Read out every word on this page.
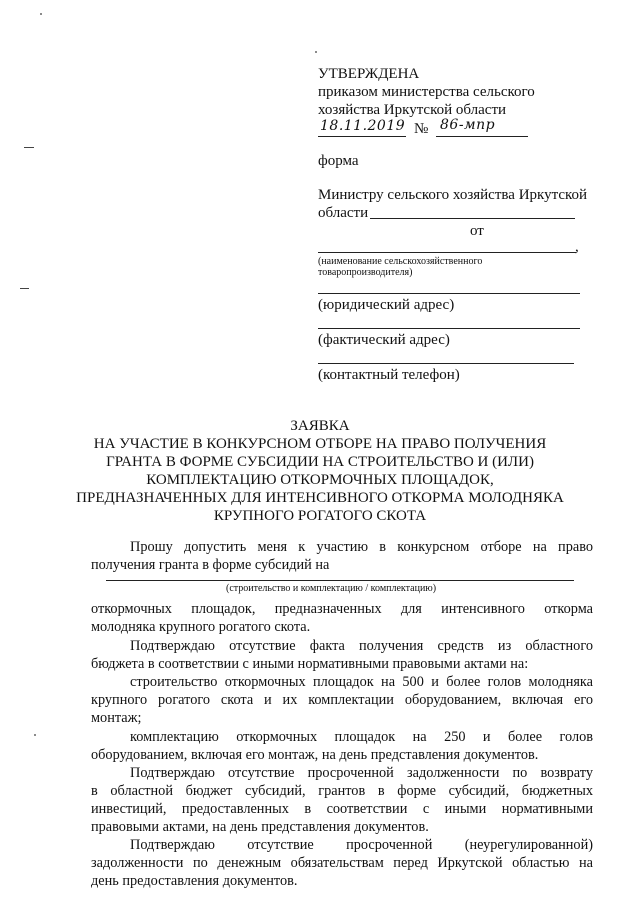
УТВЕРЖДЕНА
приказом министерства сельского
хозяйства Иркутской области
18.11.2019 № 86-мпр
форма
Министру сельского хозяйства Иркутской
области
от
,
(наименование сельскохозяйственного
товаропроизводителя)
(юридический адрес)
(фактический адрес)
(контактный телефон)
ЗАЯВКА
НА УЧАСТИЕ В КОНКУРСНОМ ОТБОРЕ НА ПРАВО ПОЛУЧЕНИЯ
ГРАНТА В ФОРМЕ СУБСИДИИ НА СТРОИТЕЛЬСТВО И (ИЛИ)
КОМПЛЕКТАЦИЮ ОТКОРМОЧНЫХ ПЛОЩАДОК,
ПРЕДНАЗНАЧЕННЫХ ДЛЯ ИНТЕНСИВНОГО ОТКОРМА МОЛОДНЯКА
КРУПНОГО РОГАТОГО СКОТА
Прошу допустить меня к участию в конкурсном отборе на право
получения гранта в форме субсидий на
(строительство и комплектацию / комплектацию)
откормочных площадок, предназначенных для интенсивного откорма
молодняка крупного рогатого скота.
Подтверждаю отсутствие факта получения средств из областного
бюджета в соответствии с иными нормативными правовыми актами на:
строительство откормочных площадок на 500 и более голов молодняка
крупного рогатого скота и их комплектации оборудованием, включая его
монтаж;
комплектацию откормочных площадок на 250 и более голов
оборудованием, включая его монтаж, на день представления документов.
Подтверждаю отсутствие просроченной задолженности по возврату
в областной бюджет субсидий, грантов в форме субсидий, бюджетных
инвестиций, предоставленных в соответствии с иными нормативными
правовыми актами, на день представления документов.
Подтверждаю отсутствие просроченной (неурегулированной)
задолженности по денежным обязательствам перед Иркутской областью на
день предоставления документов.
